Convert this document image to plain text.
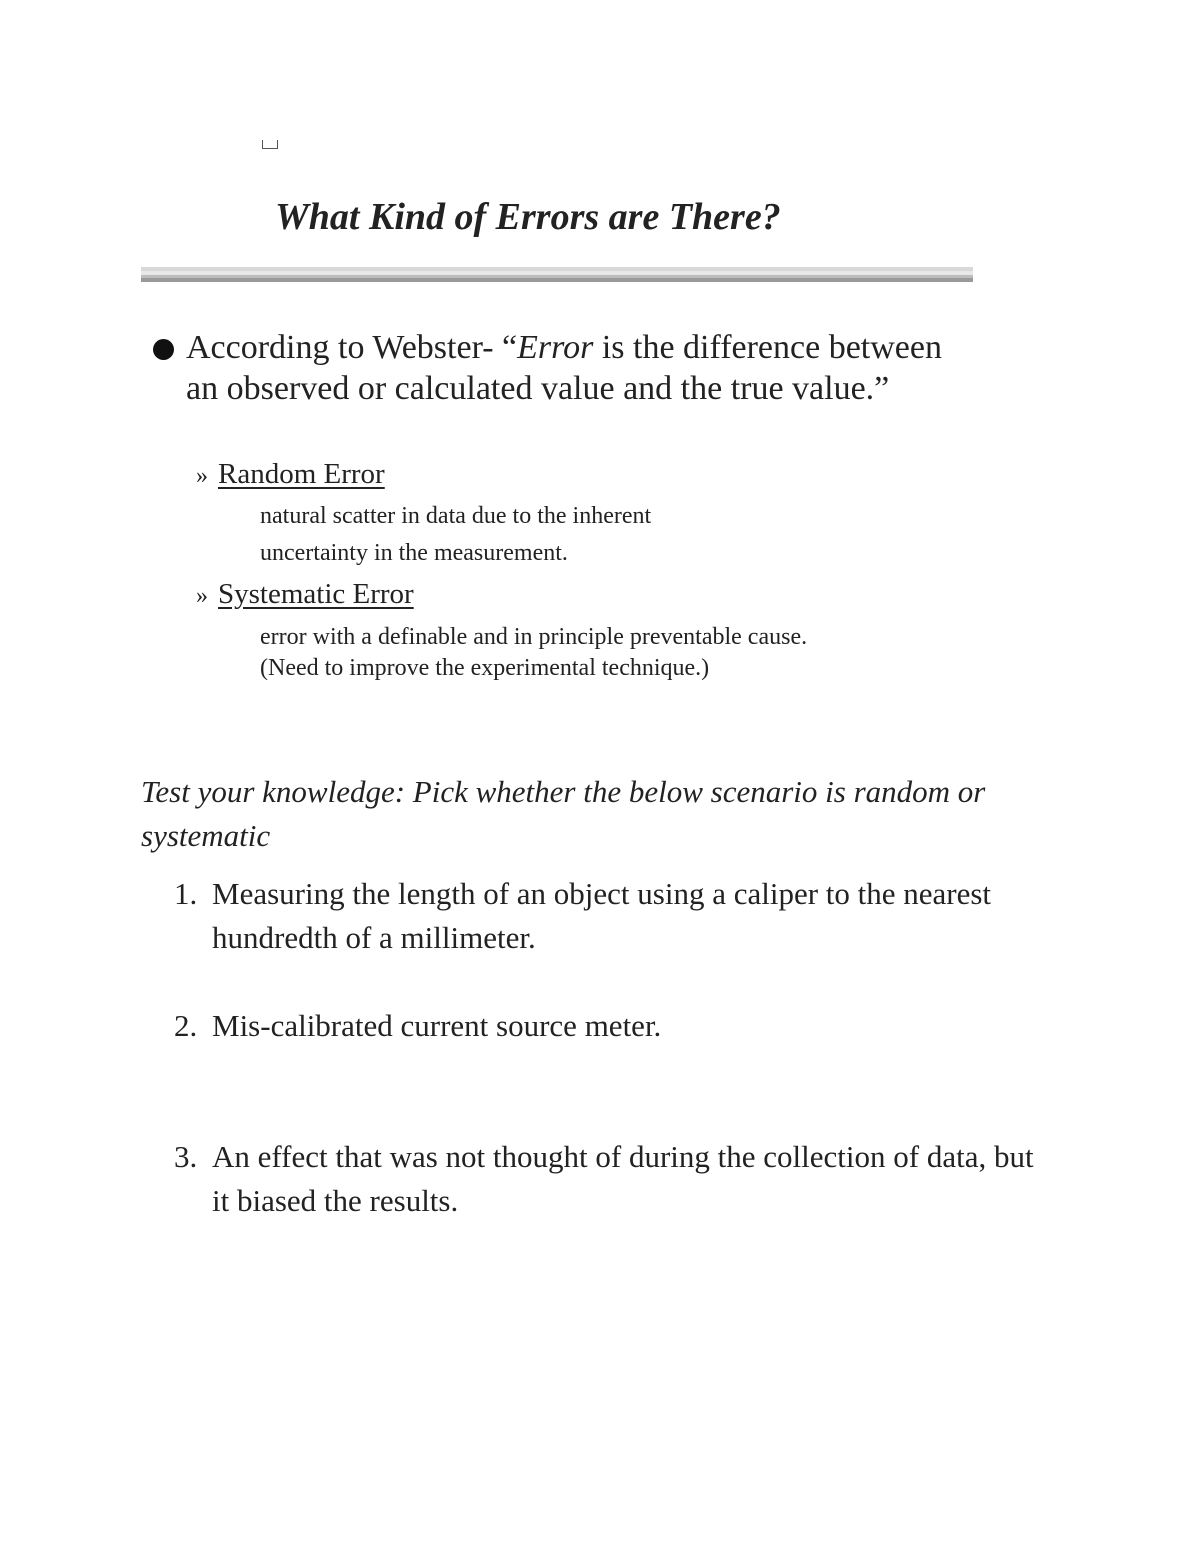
What Kind of Errors are There?
According to Webster- “Error is the difference between an observed or calculated value and the true value.”
» Random Error
natural scatter in data due to the inherent
uncertainty in the measurement.
» Systematic Error
error with a definable and in principle preventable cause.
(Need to improve the experimental technique.)
Test your knowledge: Pick whether the below scenario is random or systematic
1. Measuring the length of an object using a caliper to the nearest hundredth of a millimeter.
2. Mis-calibrated current source meter.
3. An effect that was not thought of during the collection of data, but it biased the results.
